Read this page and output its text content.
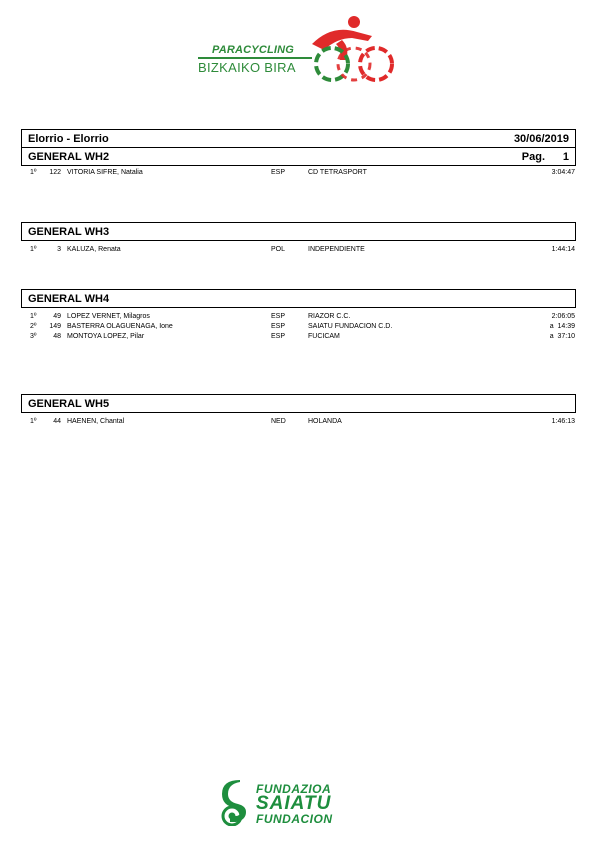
PARACYCLING
BIZKAIKO BIRA
Elorrio - Elorrio	30/06/2019
GENERAL WH2	Pag. 1
1º	122 VITORIA SIFRE, Natalia	ESP	CD TETRASPORT	3:04:47
GENERAL WH3
1º	3 KALUZA, Renata	POL	INDEPENDIENTE	1:44:14
GENERAL WH4
1º	49 LOPEZ VERNET, Milagros	ESP	RIAZOR C.C.	2:06:05
2º	149 BASTERRA OLAGUENAGA, Ione	ESP	SAIATU FUNDACION C.D.	a  14:39
3º	48 MONTOYA LOPEZ, Pilar	ESP	FUCICAM	a  37:10
GENERAL WH5
1º	44 HAENEN, Chantal	NED	HOLANDA	1:46:13
FUNDAZIOA
SAIATU
FUNDACION
